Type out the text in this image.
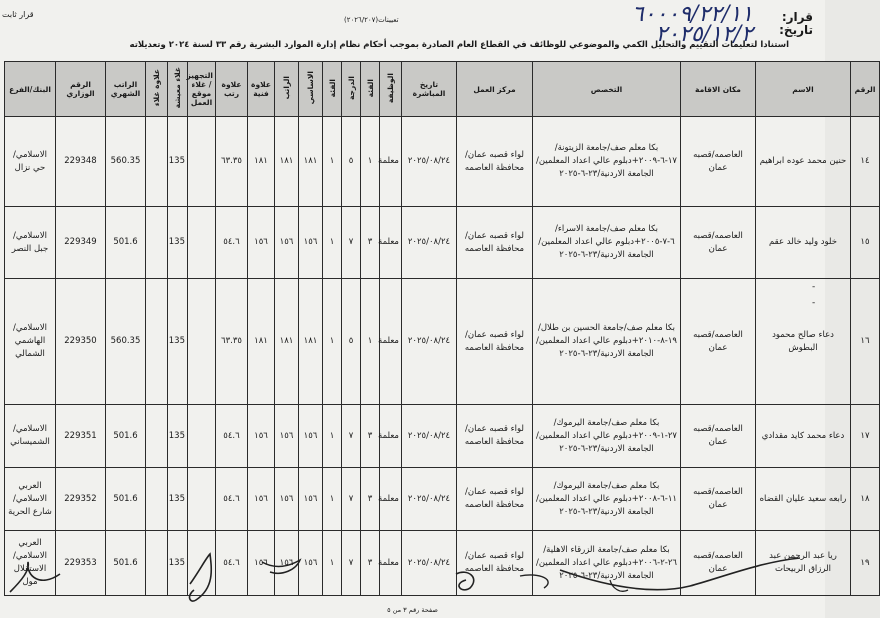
قرار ثابت	قرار:
تاريخ:
٦٠٠٠٩/٢٢/١١
٢٠٢٥/١٢/٢
تعيينات(٢٠٢٦/٢٠٧)
استنادا لتعليمات التقييم والتحليل الكمي والموضوعي للوظائف في القطاع العام الصادرة بموجب أحكام نظام إدارة الموارد البشرية رقم ٣٣ لسنة ٢٠٢٤ وتعديلاته
الرقم	الاسم	مكان الاقامة	التخصص	مركز العمل	تاريخ المباشرة	الوظيفة	الفئة	الدرجة	الفئة	الاساسي	الراتب	علاوة فنية	علاوة رتب	التجهيز / غلاء موقع العمل	غلاء معيشة	علاوة غلاء	الراتب الشهري	الرقم الوزاري	البنك/الفرع
١٤	حنين محمد عوده ابراهيم	العاصمه/قصبه عمان	بكا معلم صف/جامعة الزيتونة/١٧-٦-٢٠٠٩+دبلوم عالي اعداد المعلمين/الجامعة الاردنية/٢٣-٦-٢٠٢٥	لواء قصبه عمان/محافظة العاصمه	٢٠٢٥/٠٨/٢٤	معلمة	١	٥	١	١٨١	١٨١	١٨١	٦٣.٣٥		135		560.35	229348	الاسلامي/حي نزال
١٥	خلود وليد خالد عقم	العاصمه/قصبه عمان	بكا معلم صف/جامعة الاسراء/٦-٧-٢٠٠٥+دبلوم عالي اعداد المعلمين/الجامعة الاردنية/٢٣-٦-٢٠٢٥	لواء قصبه عمان/محافظة العاصمه	٢٠٢٥/٠٨/٢٤	معلمة	٣	٧	١	١٥٦	١٥٦	١٥٦	٥٤.٦		135		501.6	229349	الاسلامي/جبل النصر
١٦	دعاء صالح محمود البطوش	العاصمه/قصبه عمان	بكا معلم صف/جامعة الحسين بن طلال/١٩-٨-٢٠١٠+دبلوم عالي اعداد المعلمين/الجامعة الاردنية/٢٣-٦-٢٠٢٥	لواء قصبه عمان/محافظة العاصمه	٢٠٢٥/٠٨/٢٤	معلمة	١	٥	١	١٨١	١٨١	١٨١	٦٣.٣٥		135		560.35	229350	الاسلامي/الهاشمي الشمالي
١٧	دعاء محمد كايد مقدادي	العاصمه/قصبه عمان	بكا معلم صف/جامعة اليرموك/٢٧-١-٢٠٠٩+دبلوم عالي اعداد المعلمين/الجامعة الاردنية/٢٣-٦-٢٠٢٥	لواء قصبه عمان/محافظة العاصمه	٢٠٢٥/٠٨/٢٤	معلمة	٣	٧	١	١٥٦	١٥٦	١٥٦	٥٤.٦		135		501.6	229351	الاسلامي/الشميساني
١٨	رابعه سعيد عليان القضاه	العاصمه/قصبه عمان	بكا معلم صف/جامعة اليرموك/١١-٦-٢٠٠٨+دبلوم عالي اعداد المعلمين/الجامعة الاردنية/٢٣-٦-٢٠٢٥	لواء قصبه عمان/محافظة العاصمه	٢٠٢٥/٠٨/٢٤	معلمة	٣	٧	١	١٥٦	١٥٦	١٥٦	٥٤.٦		135		501.6	229352	العربي الاسلامي/شارع الحرية
١٩	ريا عبد الرحمن عبد الرزاق الربيحات	العاصمه/قصبه عمان	بكا معلم صف/جامعة الزرقاء الاهلية/٢٦-٢-٢٠٠٦+دبلوم عالي اعداد المعلمين/الجامعة الاردنية/٢٣-٦-٢٠٢٥	لواء قصبه عمان/محافظة العاصمه	٢٠٢٥/٠٨/٢٤	معلمة	٣	٧	١	١٥٦	١٥٦	١٥٦	٥٤.٦		135		501.6	229353	العربي الاسلامي/الاستقلال مول
-
-
صفحة رقم ٣ من ٥
